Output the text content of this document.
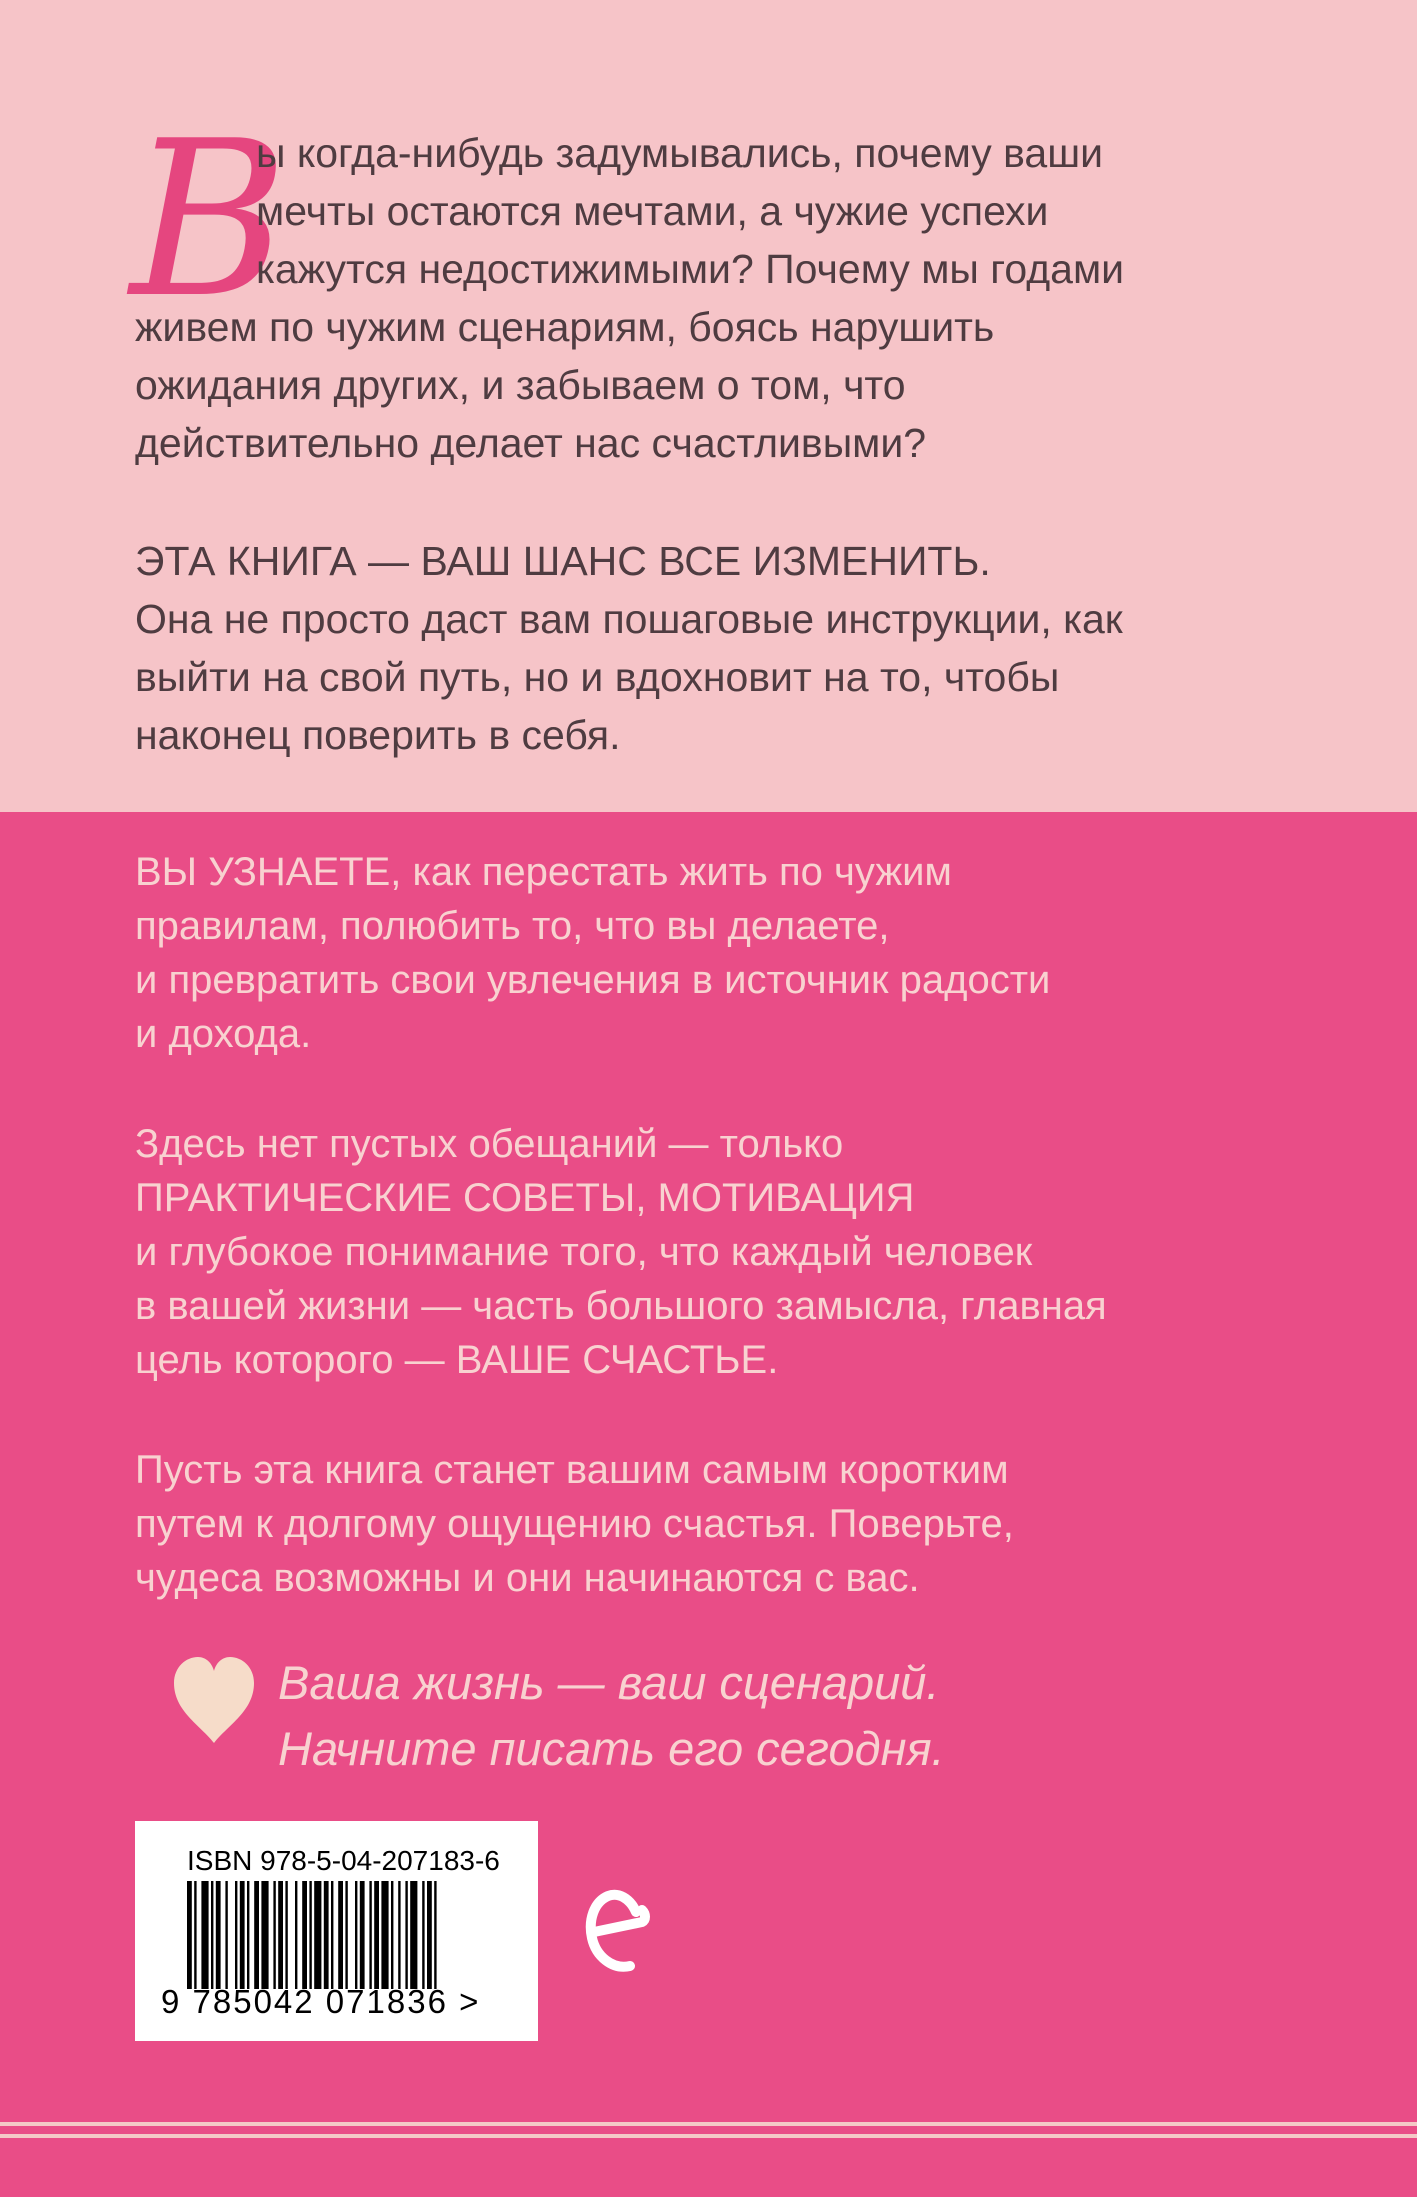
В

ы когда-нибудь задумывались, почему ваши
мечты остаются мечтами, а чужие успехи
кажутся недостижимыми? Почему мы годами

живем по чужим сценариям, боясь нарушить
ожидания других, и забываем о том, что
действительно делает нас счастливыми?

ЭТА КНИГА — ВАШ ШАНС ВСЕ ИЗМЕНИТЬ.
Она не просто даст вам пошаговые инструкции, как
выйти на свой путь, но и вдохновит на то, чтобы
наконец поверить в себя.

ВЫ УЗНАЕТЕ, как перестать жить по чужим
правилам, полюбить то, что вы делаете,
и превратить свои увлечения в источник радости
и дохода.

Здесь нет пустых обещаний — только
ПРАКТИЧЕСКИЕ СОВЕТЫ, МОТИВАЦИЯ
и глубокое понимание того, что каждый человек
в вашей жизни — часть большого замысла, главная
цель которого — ВАШЕ СЧАСТЬЕ.

Пусть эта книга станет вашим самым коротким
путем к долгому ощущению счастья. Поверьте,
чудеса возможны и они начинаются с вас.

Ваша жизнь — ваш сценарий.
Начните писать его сегодня.
ISBN 978-5-04-207183-6
9 785042 071836 >
